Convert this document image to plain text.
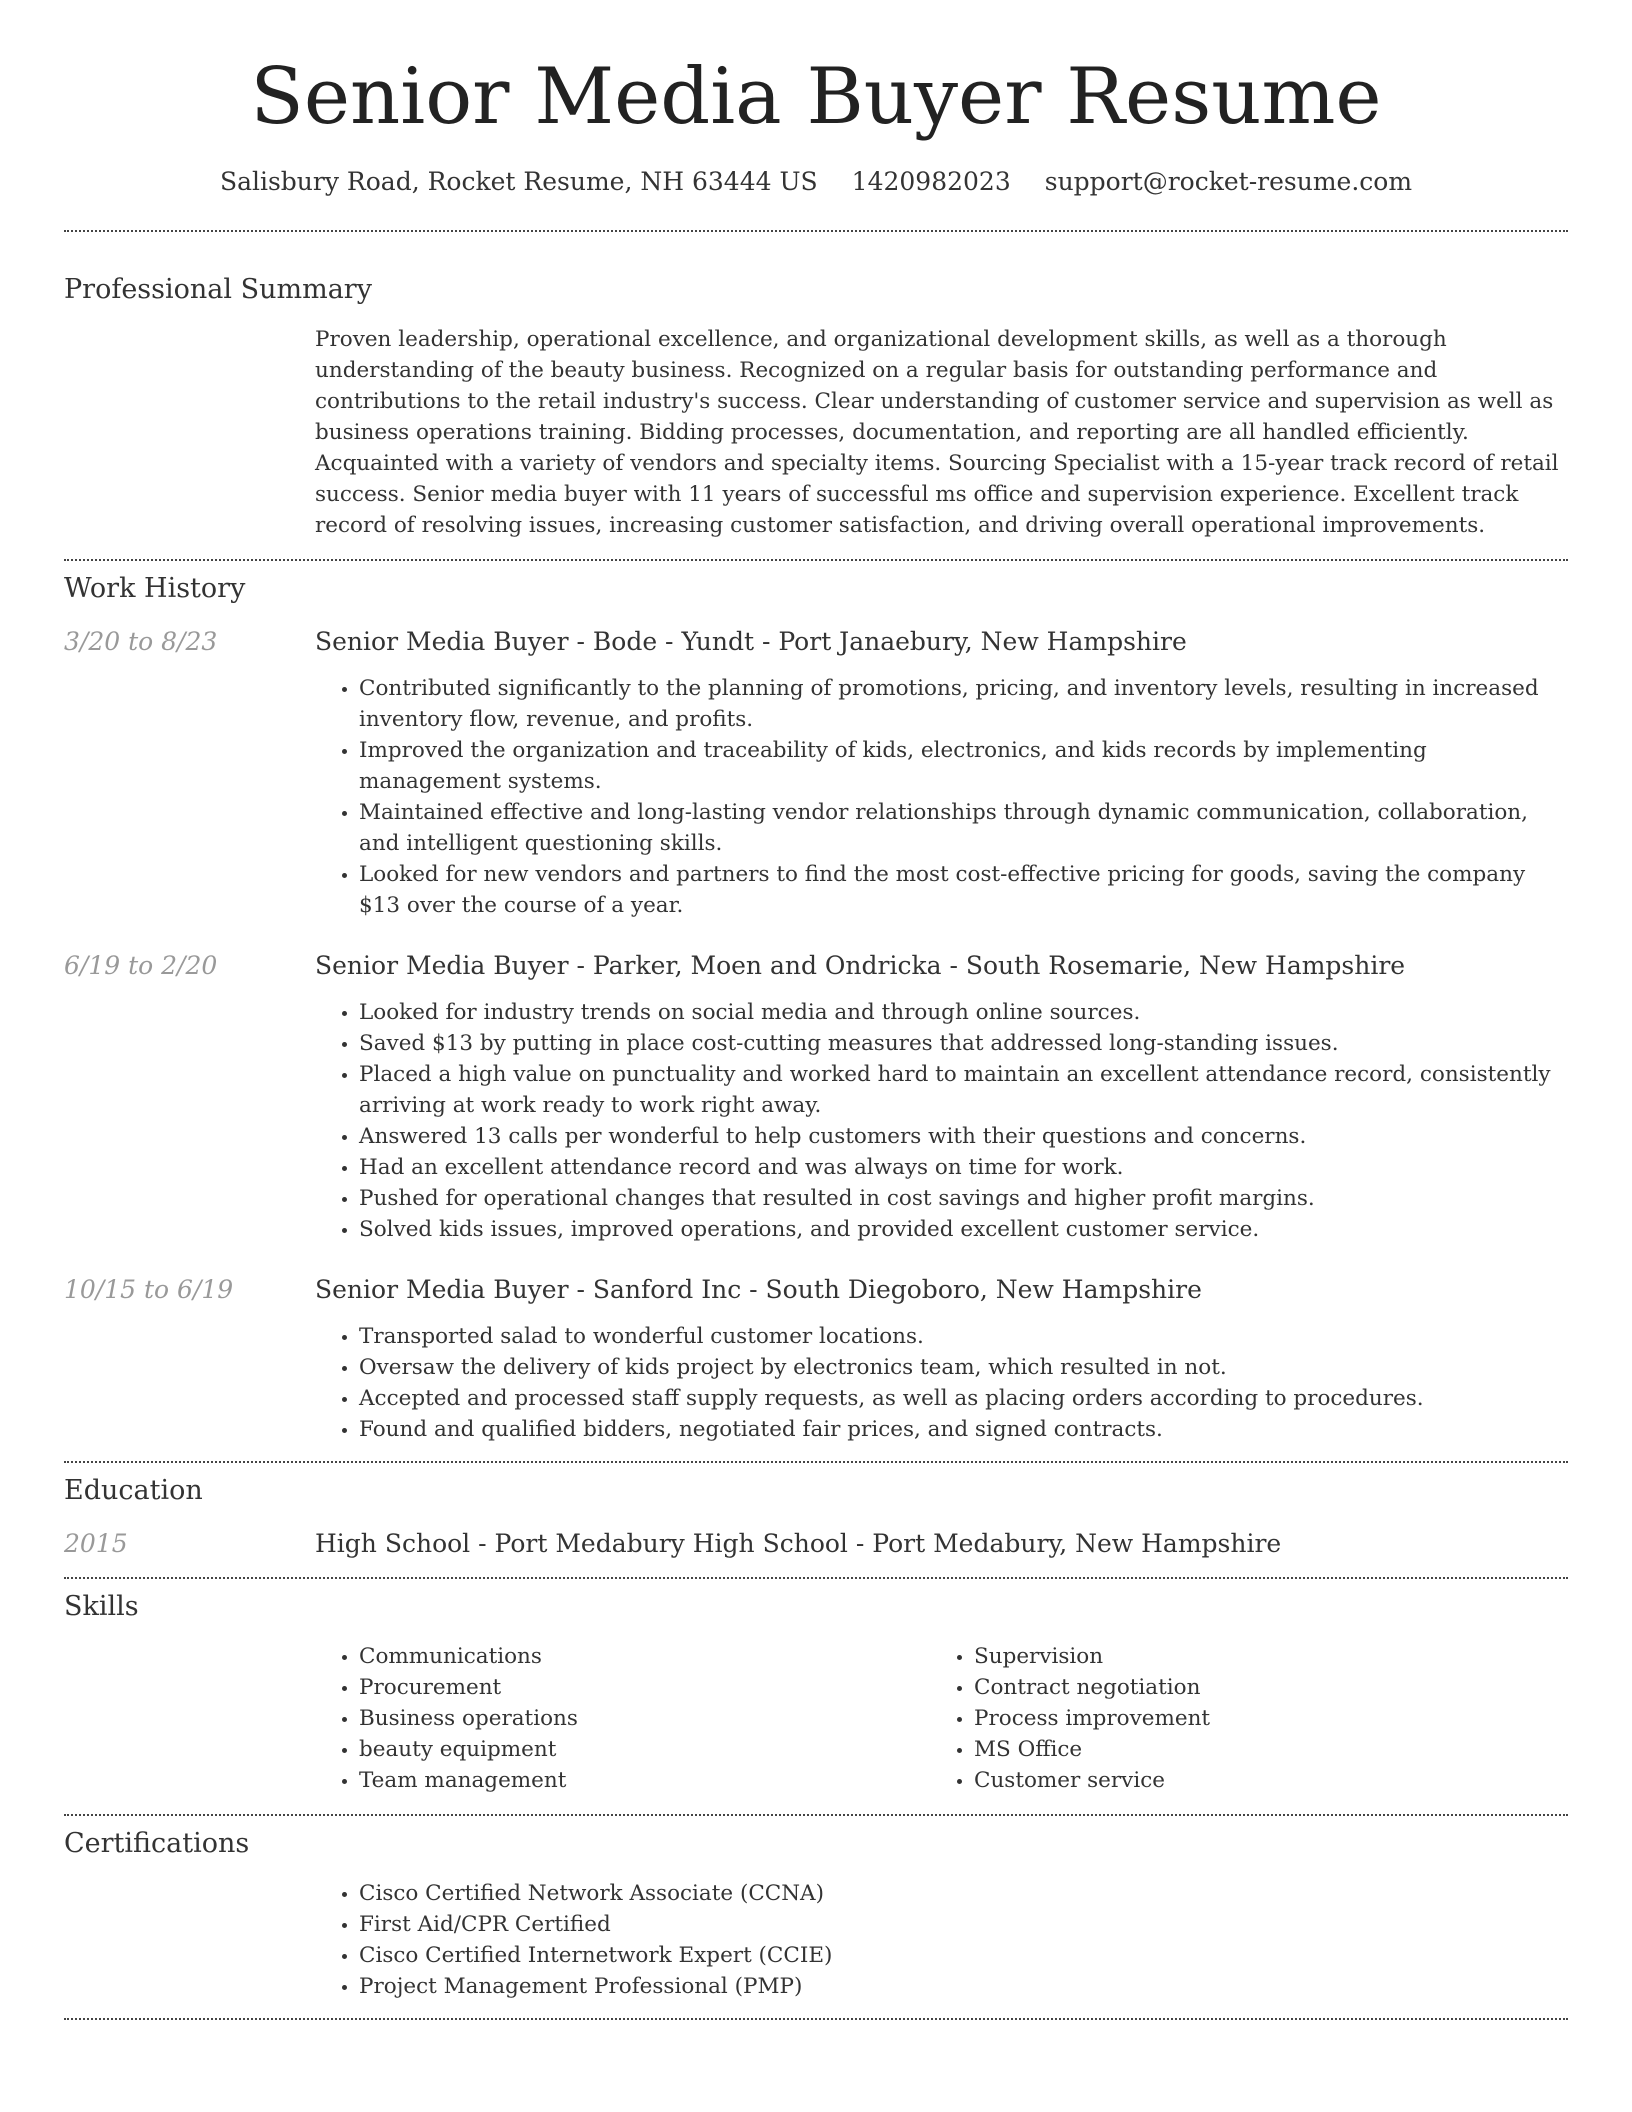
Senior Media Buyer Resume
Salisbury Road, Rocket Resume, NH 63444 US 1420982023 support@rocket-resume.com
Professional Summary
Proven leadership, operational excellence, and organizational development skills, as well as a thorough understanding of the beauty business. Recognized on a regular basis for outstanding performance and contributions to the retail industry's success. Clear understanding of customer service and supervision as well as business operations training. Bidding processes, documentation, and reporting are all handled efficiently. Acquainted with a variety of vendors and specialty items. Sourcing Specialist with a 15-year track record of retail success. Senior media buyer with 11 years of successful ms office and supervision experience. Excellent track record of resolving issues, increasing customer satisfaction, and driving overall operational improvements.
Work History
3/20 to 8/23	Senior Media Buyer - Bode - Yundt - Port Janaebury, New Hampshire
• Contributed significantly to the planning of promotions, pricing, and inventory levels, resulting in increased inventory flow, revenue, and profits.
• Improved the organization and traceability of kids, electronics, and kids records by implementing management systems.
• Maintained effective and long-lasting vendor relationships through dynamic communication, collaboration, and intelligent questioning skills.
• Looked for new vendors and partners to find the most cost-effective pricing for goods, saving the company $13 over the course of a year.
6/19 to 2/20	Senior Media Buyer - Parker, Moen and Ondricka - South Rosemarie, New Hampshire
• Looked for industry trends on social media and through online sources.
• Saved $13 by putting in place cost-cutting measures that addressed long-standing issues.
• Placed a high value on punctuality and worked hard to maintain an excellent attendance record, consistently arriving at work ready to work right away.
• Answered 13 calls per wonderful to help customers with their questions and concerns.
• Had an excellent attendance record and was always on time for work.
• Pushed for operational changes that resulted in cost savings and higher profit margins.
• Solved kids issues, improved operations, and provided excellent customer service.
10/15 to 6/19	Senior Media Buyer - Sanford Inc - South Diegoboro, New Hampshire
• Transported salad to wonderful customer locations.
• Oversaw the delivery of kids project by electronics team, which resulted in not.
• Accepted and processed staff supply requests, as well as placing orders according to procedures.
• Found and qualified bidders, negotiated fair prices, and signed contracts.
Education
2015	High School - Port Medabury High School - Port Medabury, New Hampshire
Skills
• Communications
• Procurement
• Business operations
• beauty equipment
• Team management
• Supervision
• Contract negotiation
• Process improvement
• MS Office
• Customer service
Certifications
• Cisco Certified Network Associate (CCNA)
• First Aid/CPR Certified
• Cisco Certified Internetwork Expert (CCIE)
• Project Management Professional (PMP)
